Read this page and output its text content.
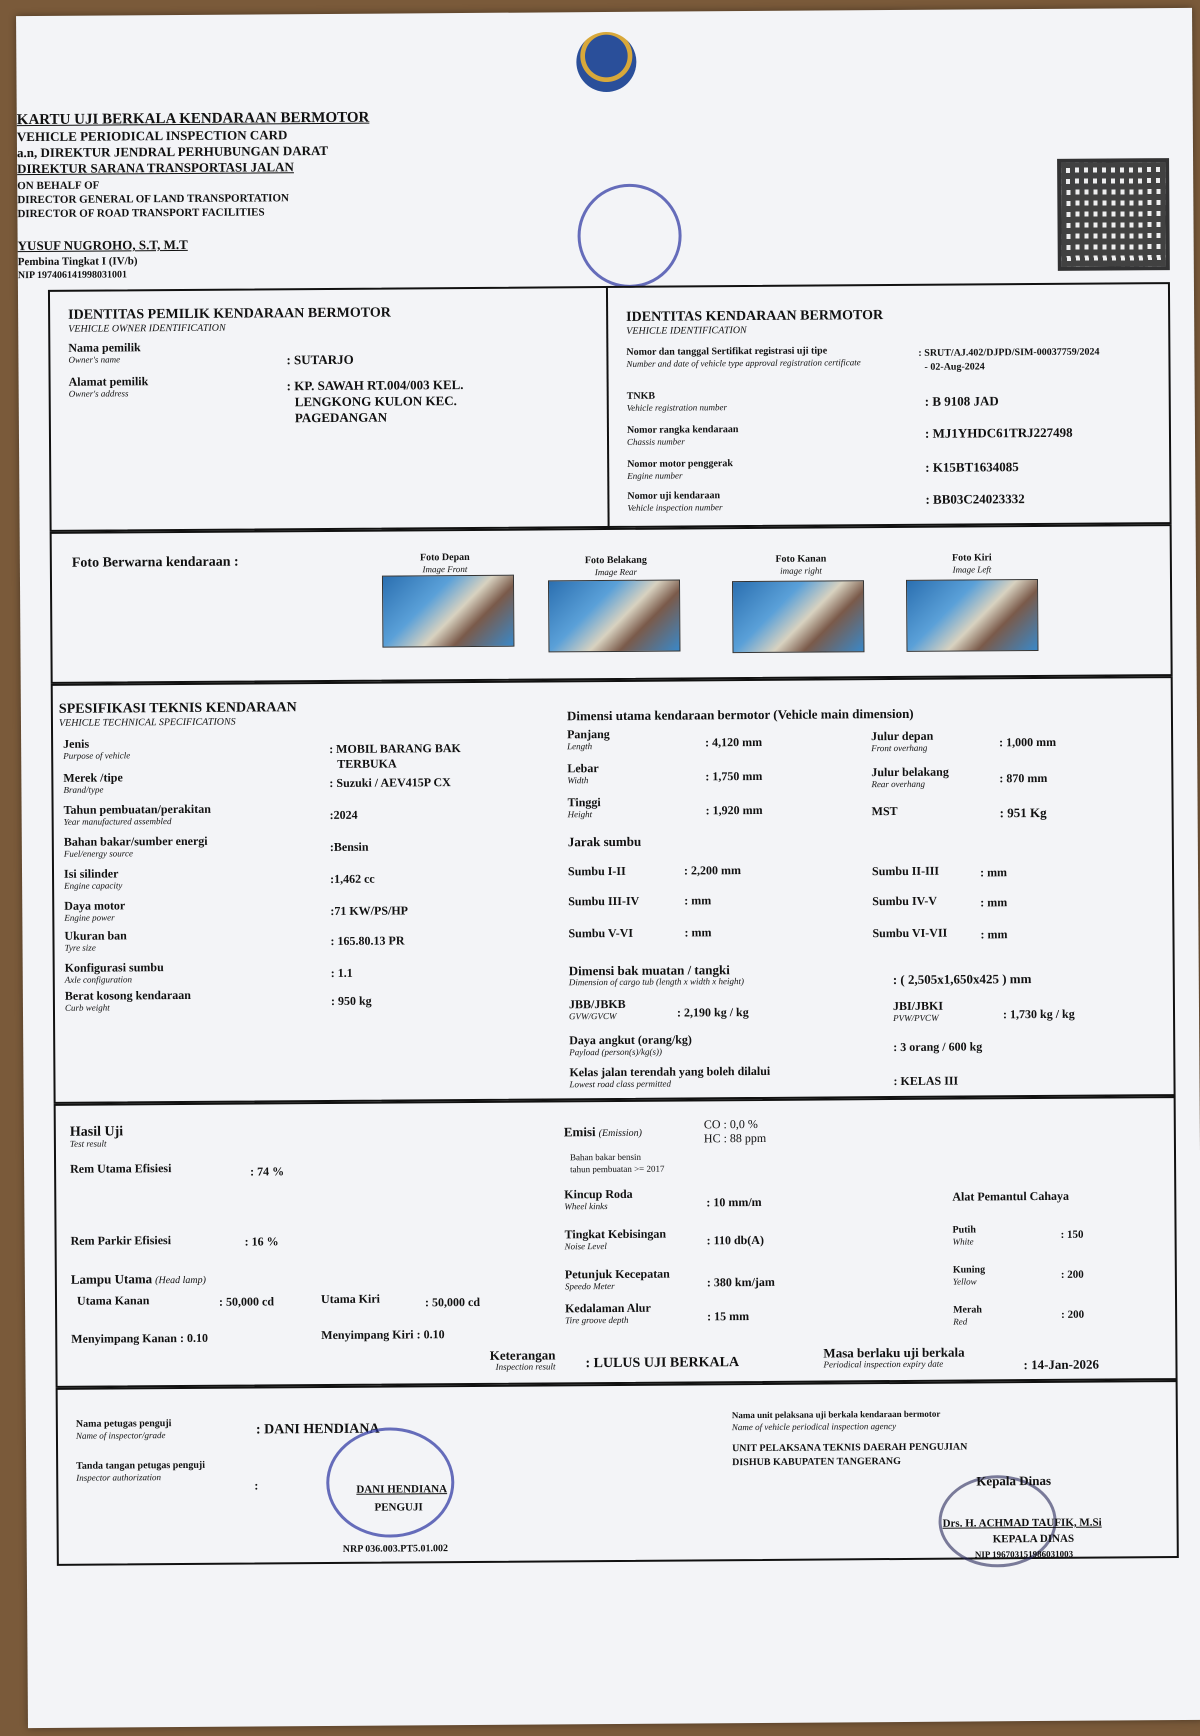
KARTU UJI BERKALA KENDARAAN BERMOTOR
VEHICLE PERIODICAL INSPECTION CARD
a.n, DIREKTUR JENDRAL PERHUBUNGAN DARAT
DIREKTUR SARANA TRANSPORTASI JALAN
ON BEHALF OF
DIRECTOR GENERAL OF LAND TRANSPORTATION
DIRECTOR OF ROAD TRANSPORT FACILITIES
YUSUF NUGROHO, S.T, M.T
Pembina Tingkat I (IV/b)
NIP 197406141998031001
IDENTITAS PEMILIK KENDARAAN BERMOTOR
VEHICLE OWNER IDENTIFICATION
Nama pemilik
Owner's name	: SUTARJO
Alamat pemilik
Owner's address
: KP. SAWAH RT.004/003 KEL.
LENGKONG KULON KEC.
PAGEDANGAN
IDENTITAS KENDARAAN BERMOTOR
VEHICLE IDENTIFICATION
Nomor dan tanggal Sertifikat registrasi uji tipe
Number and date of vehicle type approval registration certificate
: SRUT/AJ.402/DJPD/SIM-00037759/2024
- 02-Aug-2024
TNKB
Vehicle registration number	: B 9108 JAD
Nomor rangka kendaraan
Chassis number
: MJ1YHDC61TRJ227498
Nomor motor penggerak
Engine number
: K15BT1634085
Nomor uji kendaraan
Vehicle inspection number
: BB03C24023332
Foto Berwarna kendaraan :	Foto Depan
Image Front
Foto Belakang
Image Rear
Foto Kanan
image right
Foto Kiri
Image Left
SPESIFIKASI TEKNIS KENDARAAN
VEHICLE TECHNICAL SPECIFICATIONS
Jenis
Purpose of vehicle	: MOBIL BARANG BAK
TERBUKA
Merek /tipe
Brand/type	: Suzuki / AEV415P CX

Tahun pembuatan/perakitan
Year manufactured assembled	:2024

Bahan bakar/sumber energi
Fuel/energy source	:Bensin

Isi silinder
Engine capacity	:1,462 cc

Daya motor
Engine power	:71 KW/PS/HP

Ukuran ban
Tyre size	: 165.80.13 PR

Konfigurasi sumbu
Axle configuration	: 1.1

Berat kosong kendaraan
Curb weight	: 950 kg

Dimensi utama kendaraan bermotor (Vehicle main dimension)
Panjang
Length	: 4,120 mm
Lebar
Width	: 1,750 mm
Tinggi
Height	: 1,920 mm
Julur depan
Front overhang	: 1,000 mm
Julur belakang
Rear overhang	: 870 mm
MST	: 951 Kg
Jarak sumbu
Sumbu I-II	: 2,200 mm	Sumbu II-III	: mm
Sumbu III-IV	: mm	Sumbu IV-V	: mm
Sumbu V-VI	: mm	Sumbu VI-VII	: mm
Dimensi bak muatan / tangki
Dimension of cargo tub (length x width x height)	: ( 2,505x1,650x425 ) mm
JBB/JBKB
GVW/GVCW	: 2,190 kg / kg	JBI/JBKI
PVW/PVCW	: 1,730 kg / kg
Daya angkut (orang/kg)
Payload (person(s)/kg(s))	: 3 orang / 600 kg
Kelas jalan terendah yang boleh dilalui
Lowest road class permitted	: KELAS III
Hasil Uji
Test result
Rem Utama Efisiesi	: 74 %
Rem Parkir Efisiesi	: 16 %
Lampu Utama (Head lamp)
Utama Kanan	: 50,000 cd	Utama Kiri	: 50,000 cd
Menyimpang Kanan : 0.10	Menyimpang Kiri : 0.10
Emisi (Emission)
CO : 0,0 %
HC : 88 ppm
Bahan bakar bensin
tahun pembuatan >= 2017
Kincup Roda
Wheel kinks	: 10 mm/m
Tingkat Kebisingan
Noise Level	: 110 db(A)
Petunjuk Kecepatan
Speedo Meter	: 380 km/jam
Kedalaman Alur
Tire groove depth	: 15 mm
Alat Pemantul Cahaya
Putih
White
: 150
Kuning
Yellow
: 200
Merah
Red
: 200
Keterangan
Inspection result : LULUS UJI BERKALA
Masa berlaku uji berkala
Periodical inspection expiry date	: 14-Jan-2026
Nama petugas penguji
Name of inspector/grade	: DANI HENDIANA
Tanda tangan petugas penguji
Inspector authorization
:	DANI HENDIANA
PENGUJI
NRP 036.003.PT5.01.002
Nama unit pelaksana uji berkala kendaraan bermotor
Name of vehicle periodical inspection agency
UNIT PELAKSANA TEKNIS DAERAH PENGUJIAN
DISHUB KABUPATEN TANGERANG
Kepala Dinas
Drs. H. ACHMAD TAUFIK, M.Si
KEPALA DINAS
NIP 196703151986031003
